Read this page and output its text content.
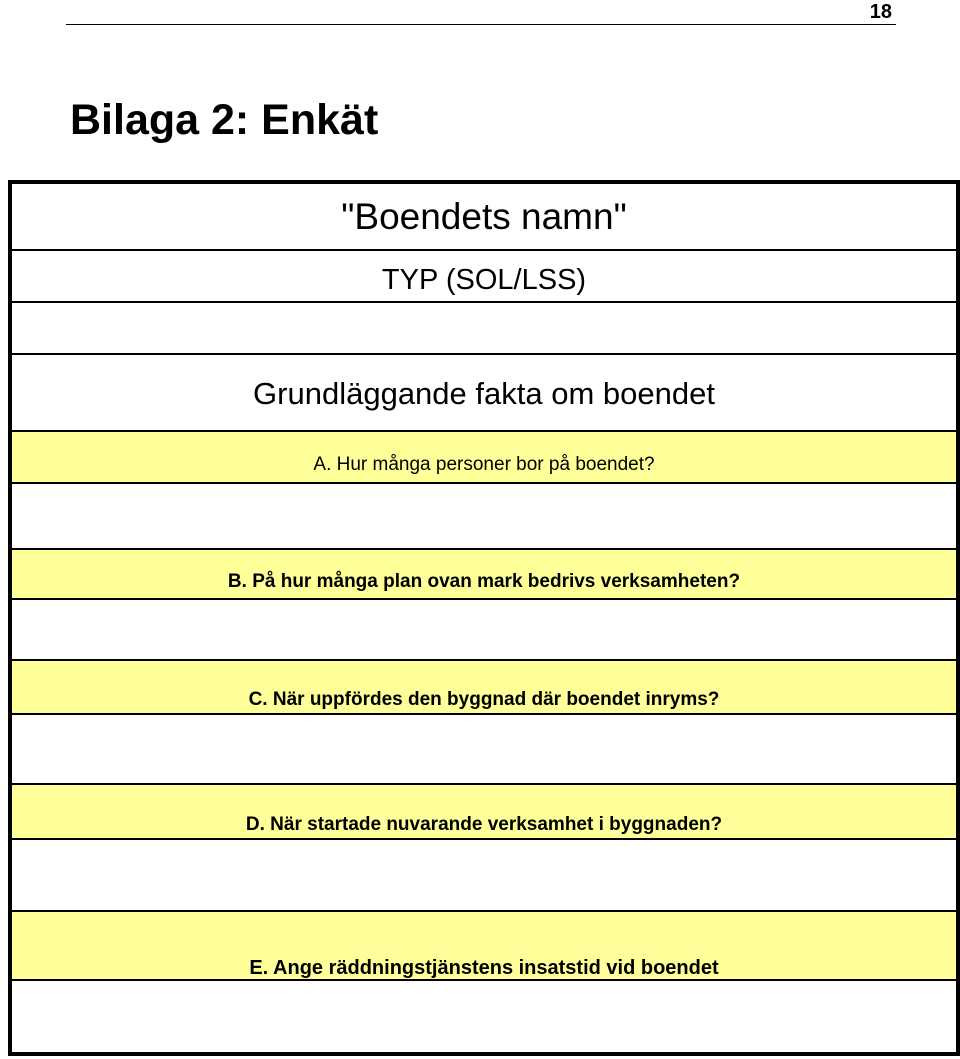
18
Bilaga 2: Enkät
"Boendets namn"
TYP (SOL/LSS)
Grundläggande fakta om boendet
A. Hur många personer bor på boendet?
B. På hur många plan ovan mark bedrivs verksamheten?
C. När uppfördes den byggnad där boendet inryms?
D. När startade nuvarande verksamhet i byggnaden?
E. Ange räddningstjänstens insatstid vid boendet
